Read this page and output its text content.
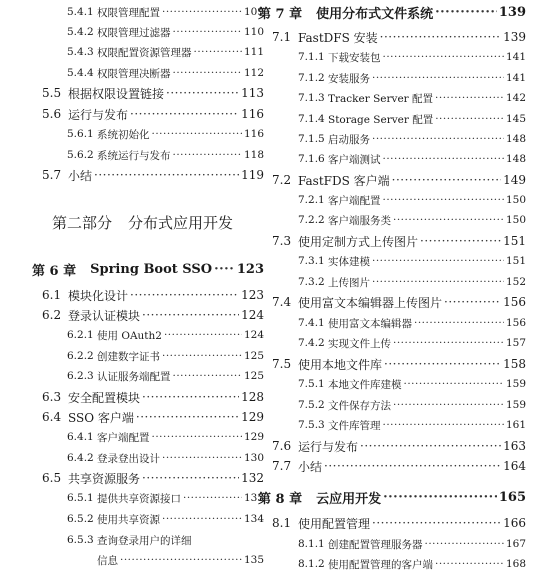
5.4.1 权限管理配置 ·····	109
5.4.2 权限管理过滤器 ·····	110
5.4.3 权限配置资源管理器 ·····	111
5.4.4 权限管理决断器 ·····	112
5.5 根据权限设置链接 ·····	113
5.6 运行与发布 ·····	116
5.6.1 系统初始化 ·····	116
5.6.2 系统运行与发布 ·····	118
5.7 小结 ·····	119
第二部分 分布式应用开发
第 6 章 Spring Boot SSO ····· 123
6.1 模块化设计 ·····	123
6.2 登录认证模块 ·····	124
6.2.1 使用 OAuth2 ·····	124
6.2.2 创建数字证书 ·····	125
6.2.3 认证服务端配置 ·····	125
6.3 安全配置模块 ·····	128
6.4 SSO 客户端 ·····	129
6.4.1 客户端配置 ·····	129
6.4.2 登录登出设计 ·····	130
6.5 共享资源服务 ·····	132
6.5.1 提供共享资源接口 ·····	133
6.5.2 使用共享资源 ·····	134
6.5.3 查询登录用户的详细
信息 ·····	135
第 7 章 使用分布式文件系统 ·····	139
7.1 FastDFS 安装 ·····	139
7.1.1 下载安装包 ·····	141
7.1.2 安装服务 ·····	141
7.1.3 Tracker Server 配置 ·····	142
7.1.4 Storage Server 配置 ·····	145
7.1.5 启动服务 ·····	148
7.1.6 客户端测试 ·····	148
7.2 FastFDS 客户端 ·····	149
7.2.1 客户端配置 ·····	150
7.2.2 客户端服务类 ·····	150
7.3 使用定制方式上传图片 ·····	151
7.3.1 实体建模 ·····	151
7.3.2 上传图片 ·····	152
7.4 使用富文本编辑器上传图片 ·····	156
7.4.1 使用富文本编辑器 ·····	156
7.4.2 实现文件上传 ·····	157
7.5 使用本地文件库 ·····	158
7.5.1 本地文件库建模 ·····	159
7.5.2 文件保存方法 ·····	159
7.5.3 文件库管理 ·····	161
7.6 运行与发布 ·····	163
7.7 小结 ·····	164
第 8 章 云应用开发 ·····	165
8.1 使用配置管理 ·····	166
8.1.1 创建配置管理服务器 ·····	167
8.1.2 使用配置管理的客户端 ·····	168
